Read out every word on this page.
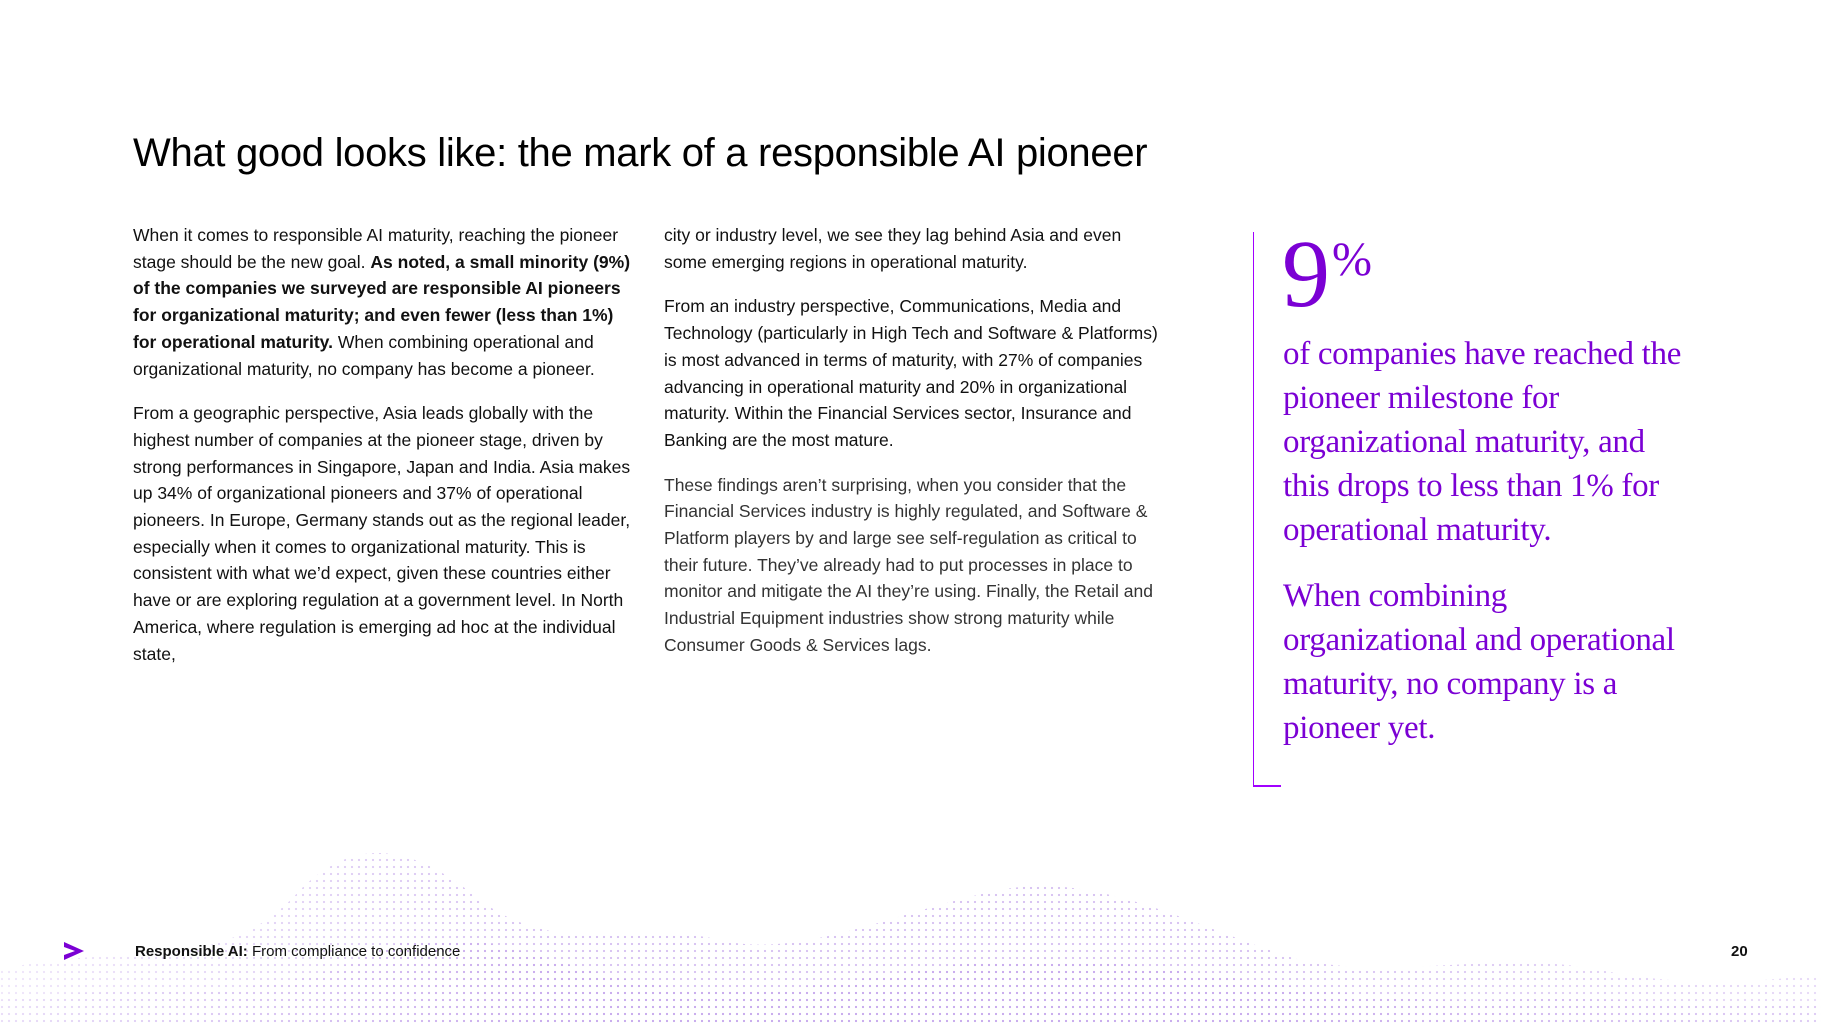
What good looks like: the mark of a responsible AI pioneer

When it comes to responsible AI maturity, reaching the pioneer stage should be the new goal. As noted, a small minority (9%) of the companies we surveyed are responsible AI pioneers for organizational maturity; and even fewer (less than 1%) for operational maturity. When combining operational and organizational maturity, no company has become a pioneer.

From a geographic perspective, Asia leads globally with the highest number of companies at the pioneer stage, driven by strong performances in Singapore, Japan and India. Asia makes up 34% of organizational pioneers and 37% of operational pioneers. In Europe, Germany stands out as the regional leader, especially when it comes to organizational maturity. This is consistent with what we’d expect, given these countries either have or are exploring regulation at a government level. In North America, where regulation is emerging ad hoc at the individual state,

city or industry level, we see they lag behind Asia and even some emerging regions in operational maturity.

From an industry perspective, Communications, Media and Technology (particularly in High Tech and Software & Platforms) is most advanced in terms of maturity, with 27% of companies advancing in operational maturity and 20% in organizational maturity. Within the Financial Services sector, Insurance and Banking are the most mature.

These findings aren’t surprising, when you consider that the Financial Services industry is highly regulated, and Software & Platform players by and large see self-regulation as critical to their future. They’ve already had to put processes in place to monitor and mitigate the AI they’re using. Finally, the Retail and Industrial Equipment industries show strong maturity while Consumer Goods & Services lags.

9%

of companies have reached the pioneer milestone for organizational maturity, and this drops to less than 1% for operational maturity.

When combining organizational and operational maturity, no company is a pioneer yet.

Responsible AI: From compliance to confidence	20
